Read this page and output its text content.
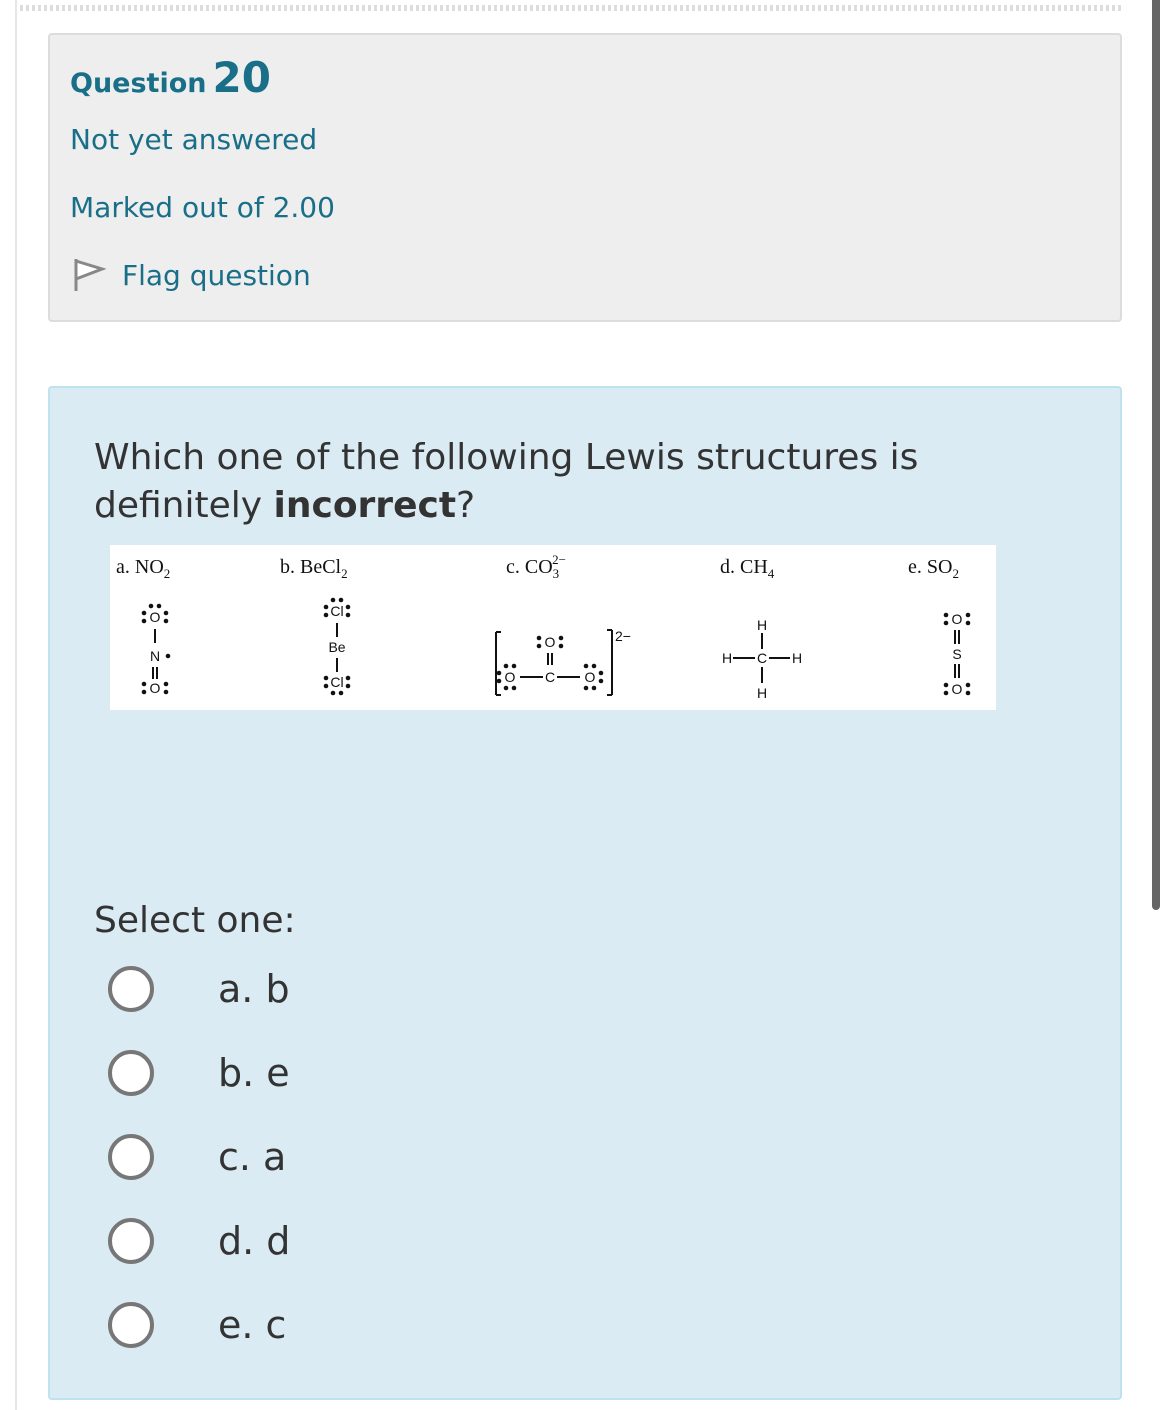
Question 20
Not yet answered
Marked out of 2.00
Flag question
Which one of the following Lewis structures is definitely incorrect?
a. $NO_2$	b. BeCl$_2$	c. $CO_32-$	d. $CH_4$	e. $SO_2$
O
N
O
Cl
Be
Cl
2−
O
C
O	O
H
C
H	H
H
O
S
O
Select one:
a. b
b. e
c. a
d. d
e. c
